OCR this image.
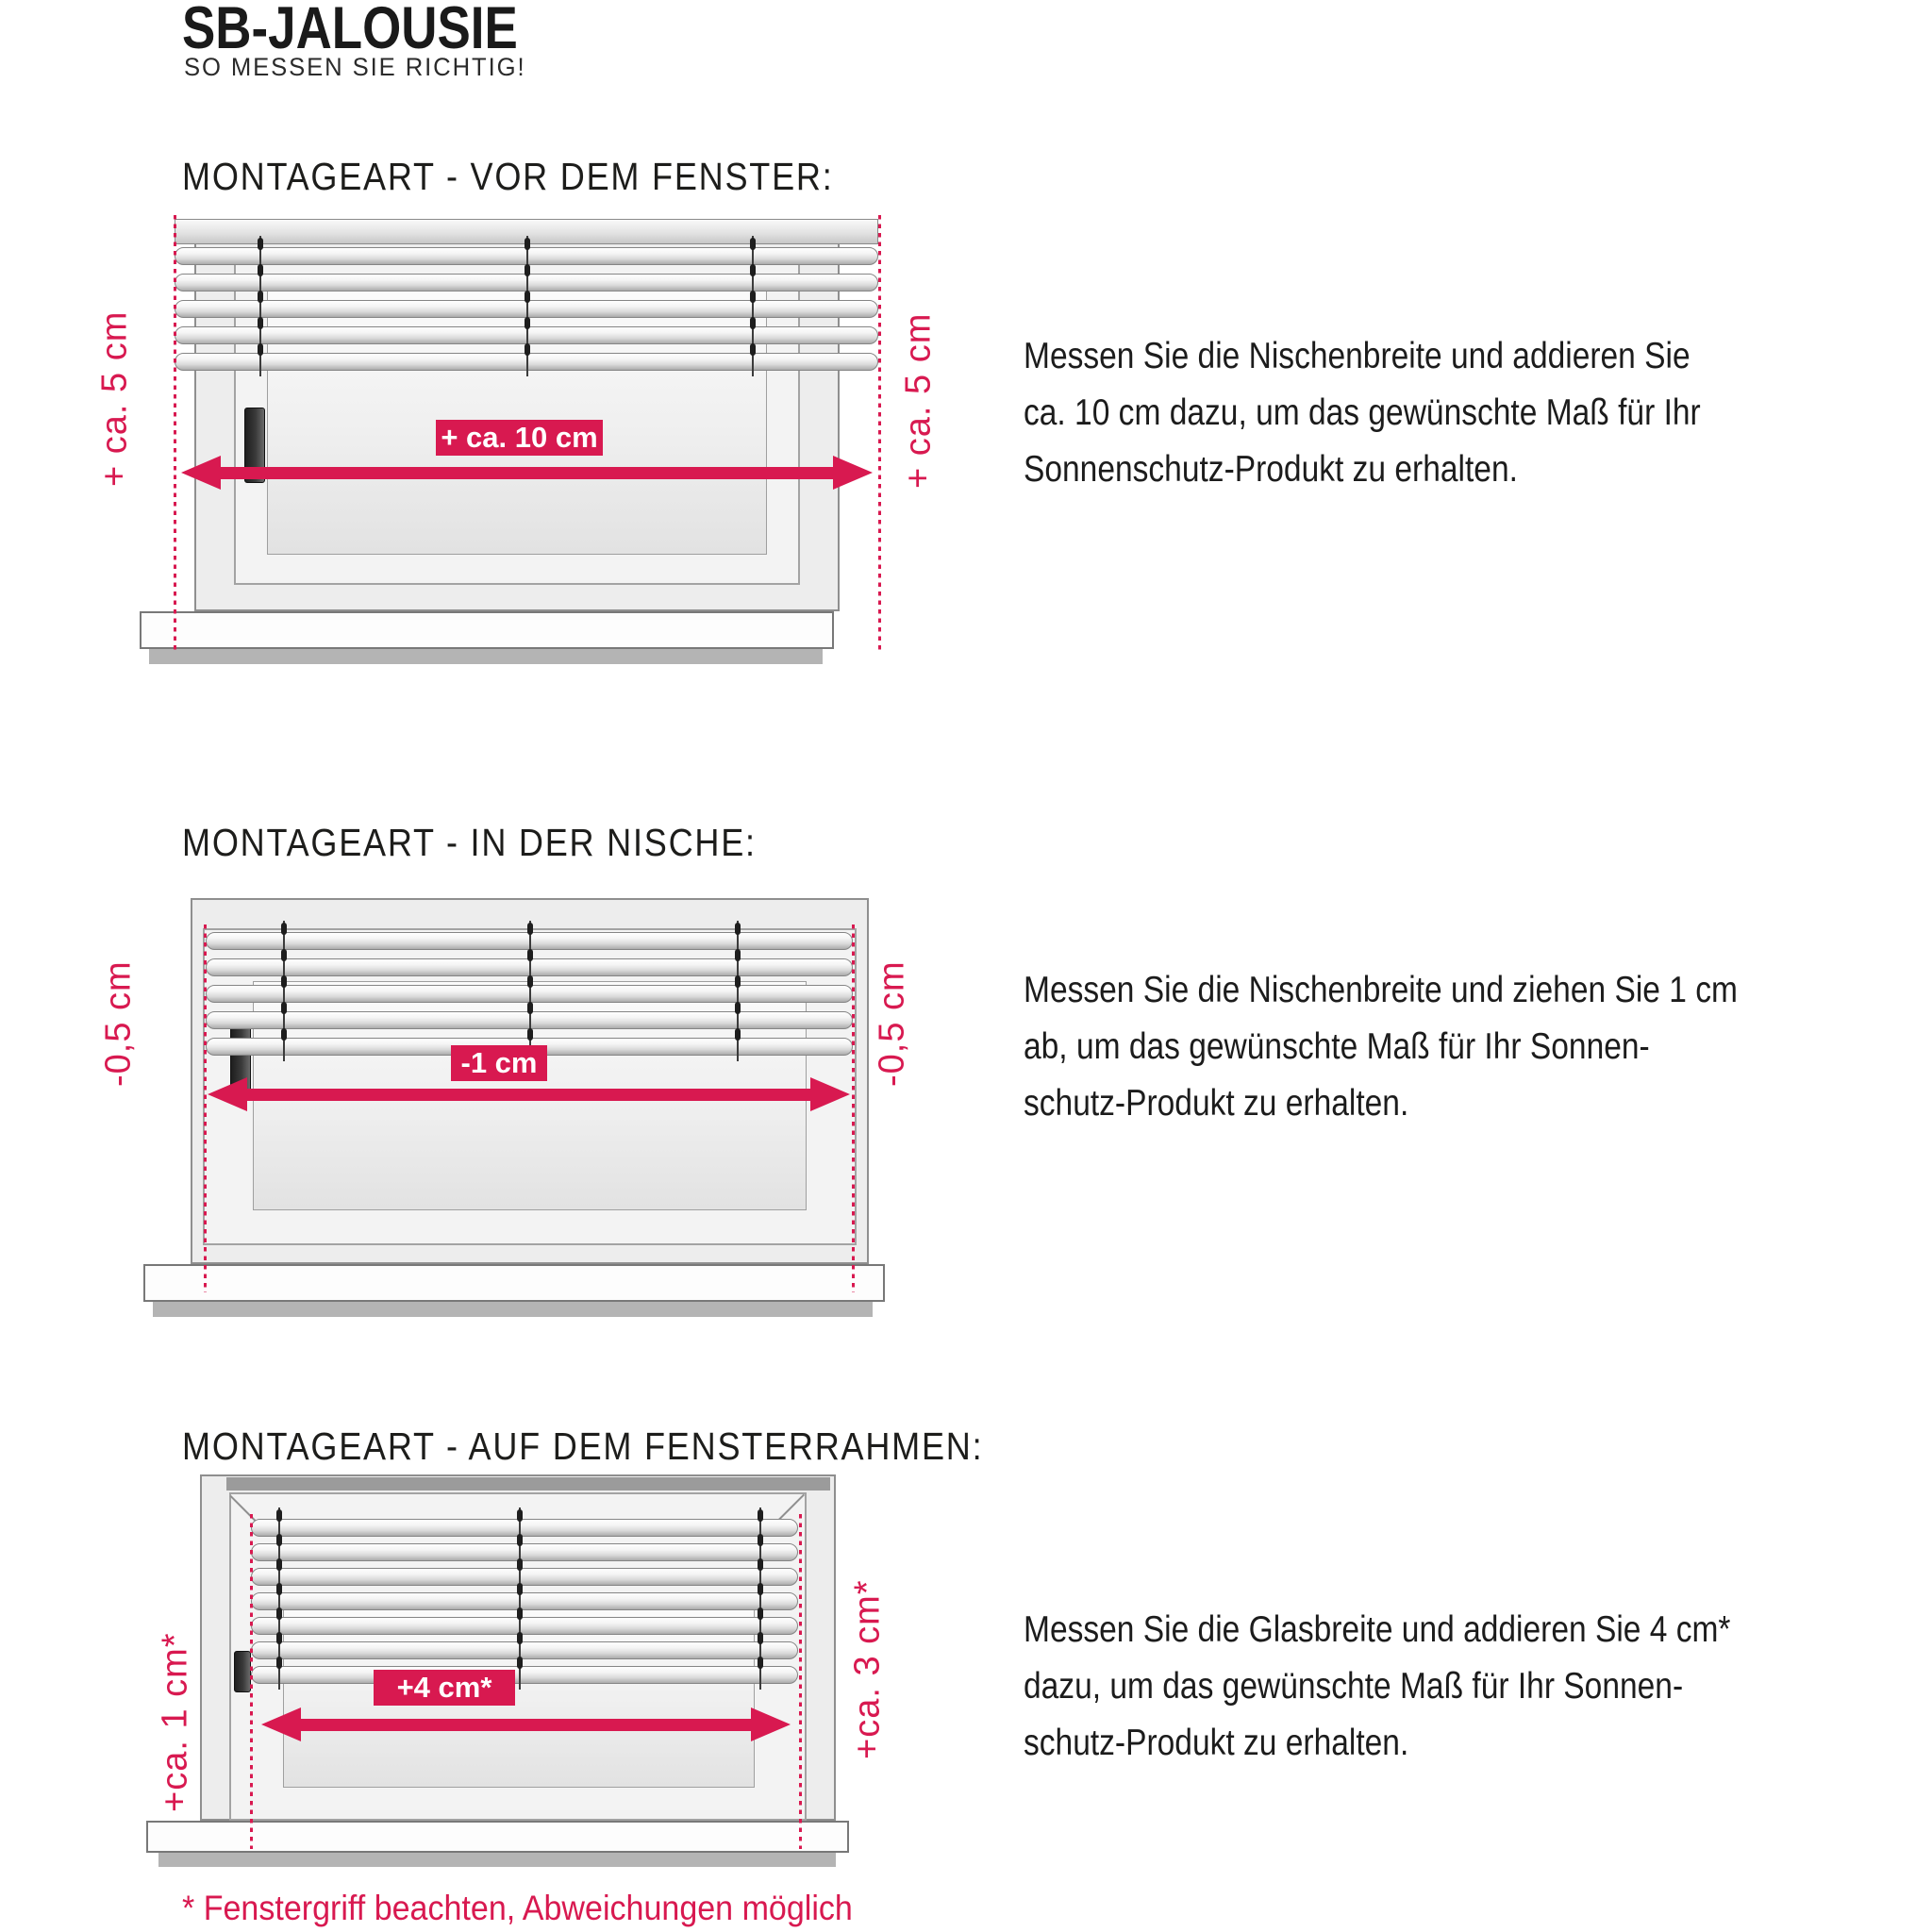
SB-JALOUSIE
SO MESSEN SIE RICHTIG!
MONTAGEART - VOR DEM FENSTER:
+ ca. 5 cm	+ ca. 5 cm
+ ca. 10 cm
Messen Sie die Nischenbreite und addieren Sie
ca. 10 cm dazu, um das gewünschte Maß für Ihr
Sonnenschutz-Produkt zu erhalten.
MONTAGEART - IN DER NISCHE:
-0,5 cm	-0,5 cm
-1 cm
Messen Sie die Nischenbreite und ziehen Sie 1 cm
ab, um das gewünschte Maß für Ihr Sonnen-
schutz-Produkt zu erhalten.
MONTAGEART - AUF DEM FENSTERRAHMEN:
+ca. 1 cm*	+ca. 3 cm*
+4 cm*
Messen Sie die Glasbreite und addieren Sie 4 cm*
dazu, um das gewünschte Maß für Ihr Sonnen-
schutz-Produkt zu erhalten.
* Fenstergriff beachten, Abweichungen möglich
